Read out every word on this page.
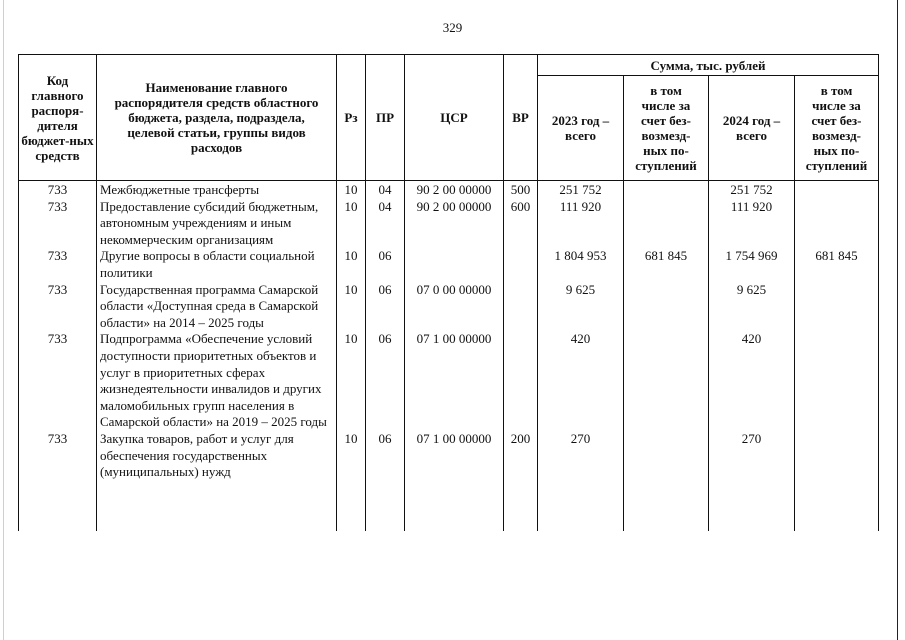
329
Код главного распоря-дителя бюджет-ных средств	Наименование главного распорядителя средств областного бюджета, раздела, подраздела, целевой статьи, группы видов расходов	Рз	ПР	ЦСР	ВР	Сумма, тыс. рублей			
						2023 год – всего	в том числе за счет без-возмезд-ных по-ступлений	2024 год – всего	в том числе за счет без-возмезд-ных по-ступлений
733	Межбюджетные трансферты	10	04	90 2 00 00000	500	251 752		251 752	
733	Предоставление субсидий бюджетным, автономным учреждениям и иным некоммерческим организациям	10	04	90 2 00 00000	600	111 920		111 920	
733	Другие вопросы в области социальной политики	10	06			1 804 953	681 845	1 754 969	681 845
733	Государственная программа Самарской области «Доступная среда в Самарской области» на 2014 – 2025 годы	10	06	07 0 00 00000		9 625		9 625	
733	Подпрограмма «Обеспечение условий доступности приоритетных объектов и услуг в приоритетных сферах жизнедеятельности инвалидов и других маломобильных групп населения в Самарской области» на 2019 – 2025 годы	10	06	07 1 00 00000		420		420	
733	Закупка товаров, работ и услуг для обеспечения государственных (муниципальных) нужд	10	06	07 1 00 00000	200	270		270	
